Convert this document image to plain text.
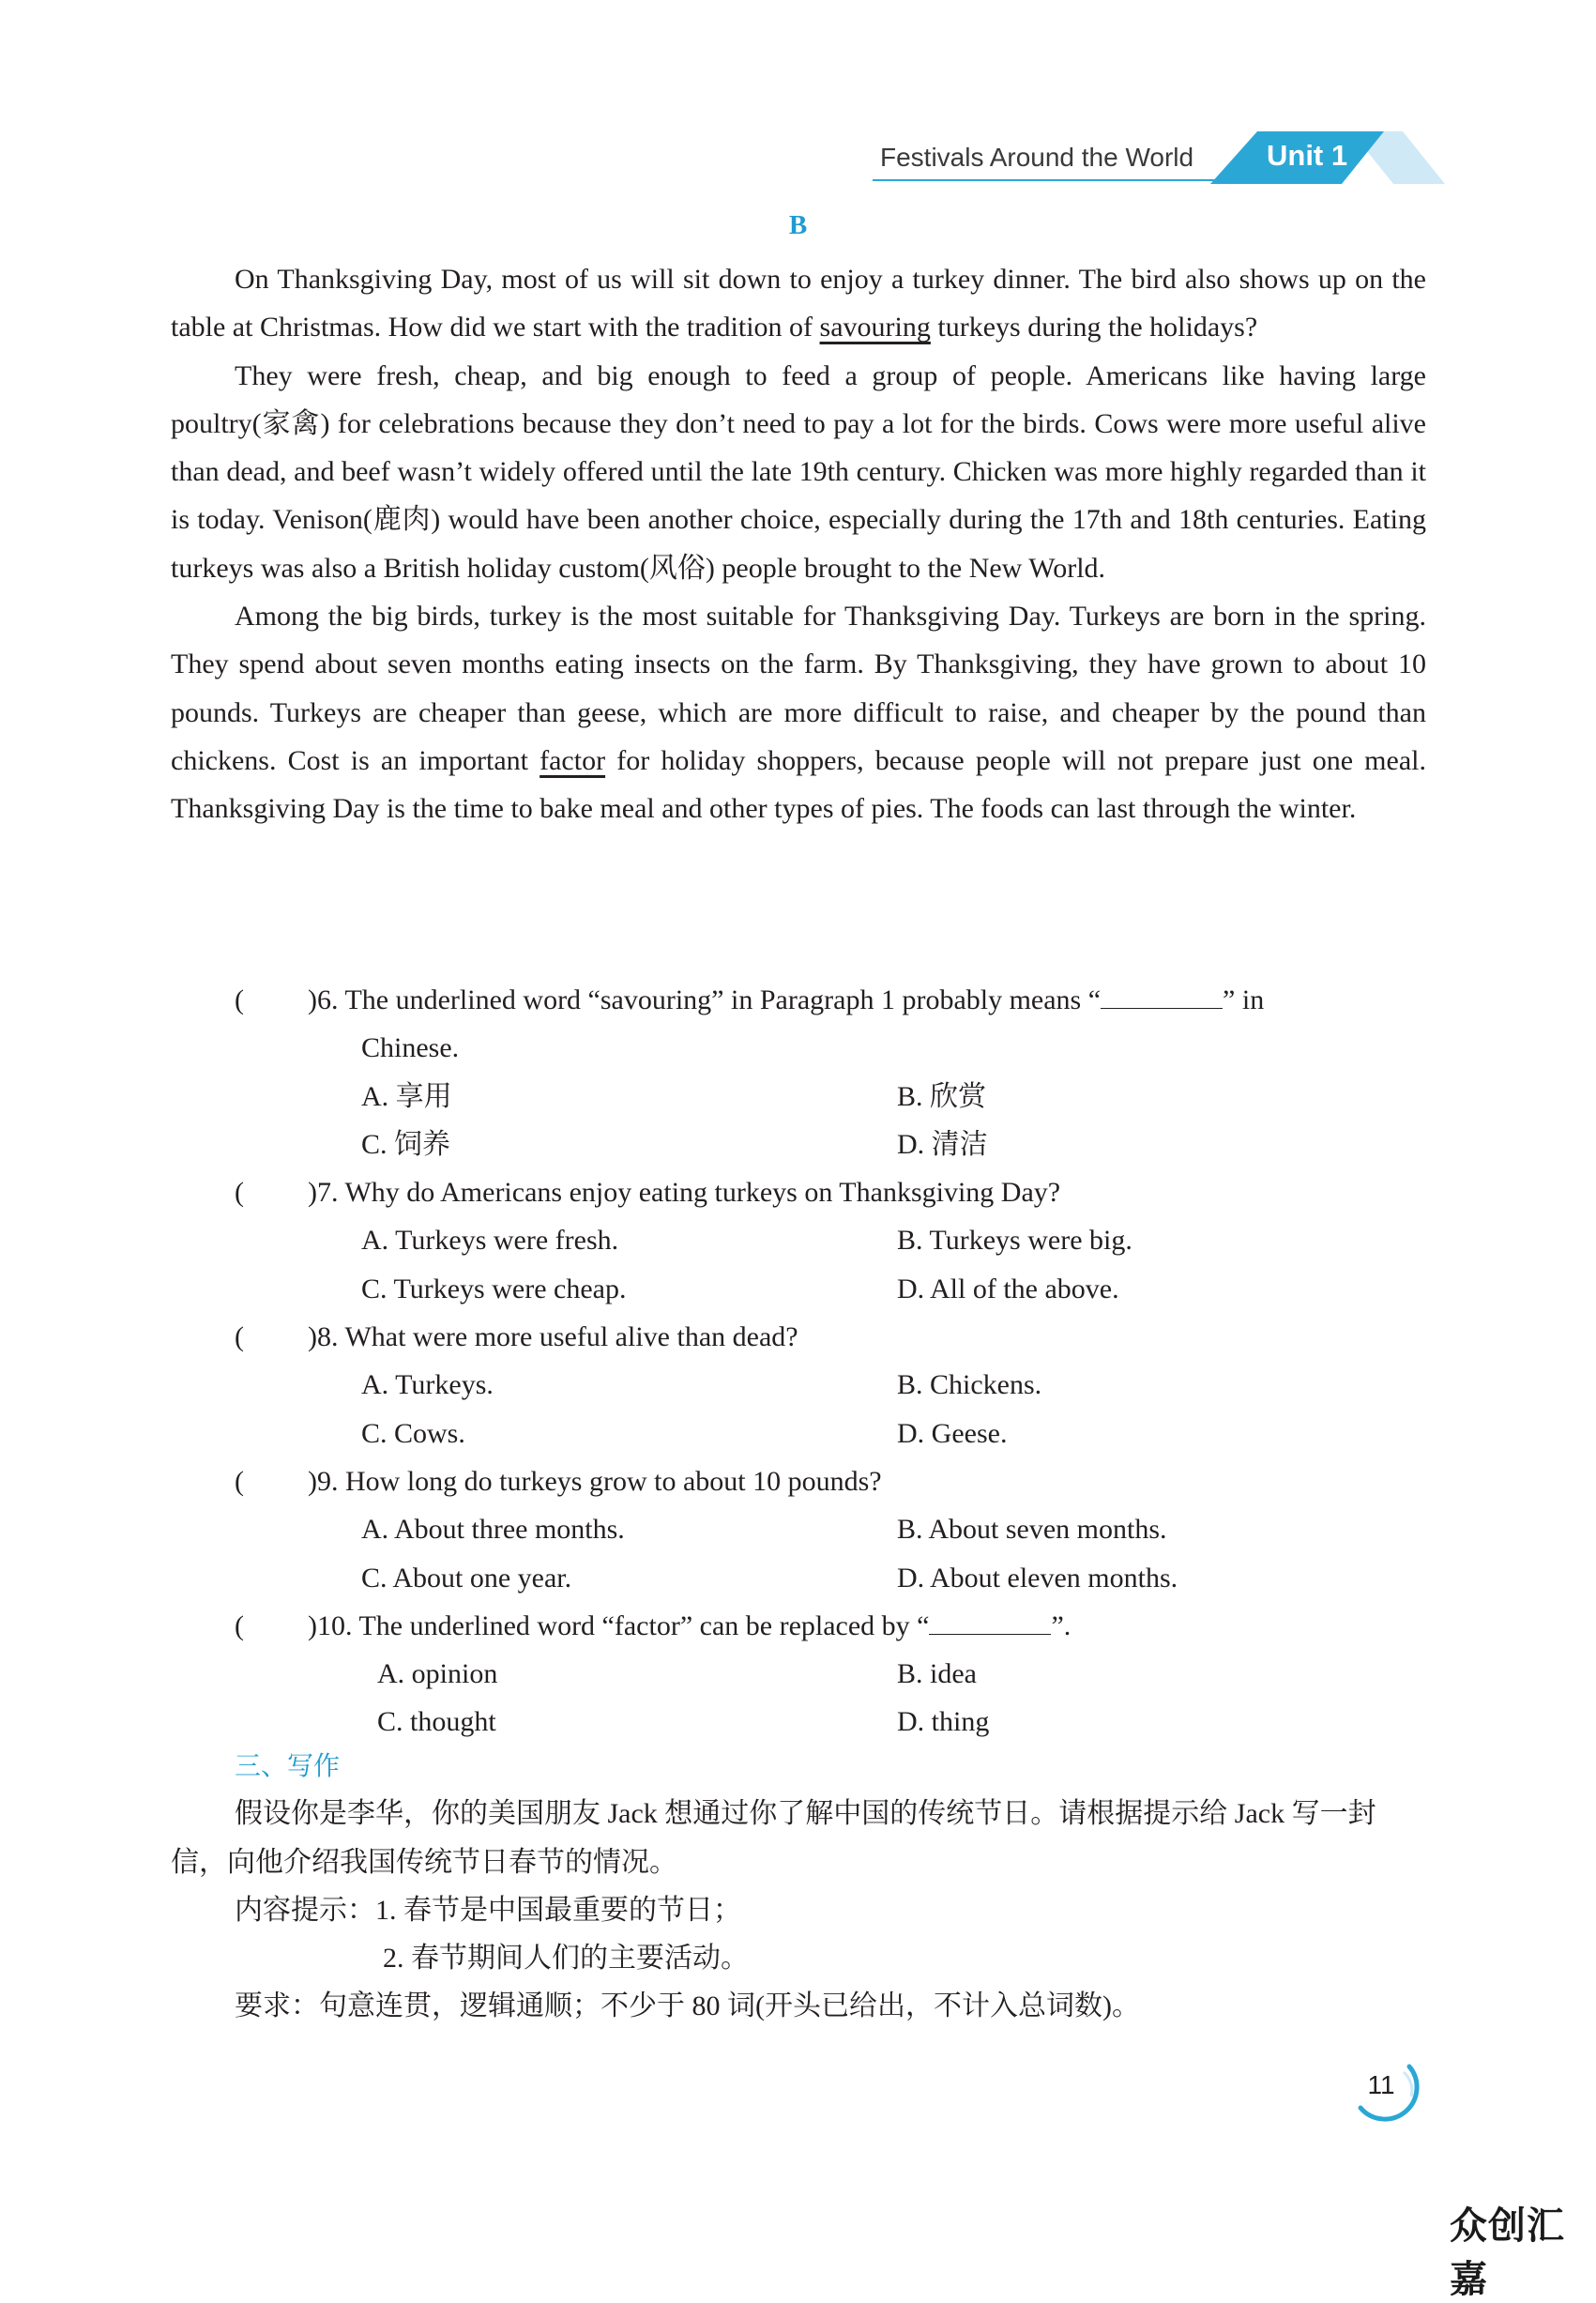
Festivals Around the World	Unit 1
B

On Thanksgiving Day, most of us will sit down to enjoy a turkey dinner. The bird also shows up on the table at Christmas. How did we start with the tradition of savouring turkeys during the holidays?

They were fresh, cheap, and big enough to feed a group of people. Americans like having large poultry(家禽) for celebrations because they don’t need to pay a lot for the birds. Cows were more useful alive than dead, and beef wasn’t widely offered until the late 19th century. Chicken was more highly regarded than it is today. Venison(鹿肉) would have been another choice, especially during the 17th and 18th centuries. Eating turkeys was also a British holiday custom(风俗) people brought to the New World.

Among the big birds, turkey is the most suitable for Thanksgiving Day. Turkeys are born in the spring. They spend about seven months eating insects on the farm. By Thanksgiving, they have grown to about 10 pounds. Turkeys are cheaper than geese, which are more difficult to raise, and cheaper by the pound than chickens. Cost is an important factor for holiday shoppers, because people will not prepare just one meal. Thanksgiving Day is the time to bake meal and other types of pies. The foods can last through the winter.

( )6. The underlined word “savouring” in Paragraph 1 probably means “	” in
Chinese.
A. 享用	B. 欣赏
C. 饲养	D. 清洁
( )7. Why do Americans enjoy eating turkeys on Thanksgiving Day?
A. Turkeys were fresh.	B. Turkeys were big.
C. Turkeys were cheap.	D. All of the above.
( )8. What were more useful alive than dead?
A. Turkeys.	B. Chickens.
C. Cows.	D. Geese.
( )9. How long do turkeys grow to about 10 pounds?
A. About three months.	B. About seven months.
C. About one year.	D. About eleven months.
( )10. The underlined word “factor” can be replaced by “	”.
A. opinion	B. idea
C. thought	D. thing
三、写作

假设你是李华，你的美国朋友 Jack 想通过你了解中国的传统节日。请根据提示给 Jack 写一封信，向他介绍我国传统节日春节的情况。

内容提示：1. 春节是中国最重要的节日；

2. 春节期间人们的主要活动。

要求：句意连贯，逻辑通顺；不少于 80 词(开头已给出，不计入总词数)。

11
众创汇嘉
